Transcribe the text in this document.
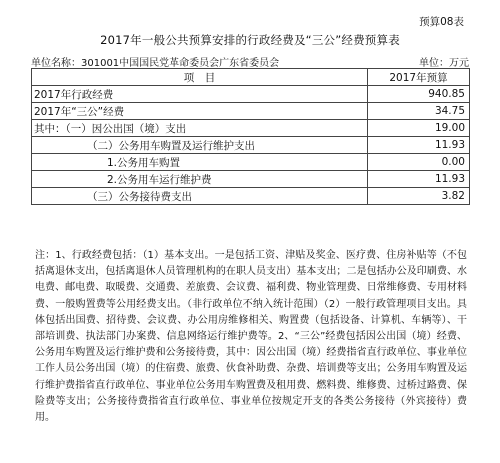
预算08表
2017年一般公共预算安排的行政经费及“三公”经费预算表
单位名称：301001中国国民党革命委员会广东省委员会	单位：万元
项　目	2017年预算
2017年行政经费	940.85
2017年“三公”经费	34.75
其中：（一）因公出国（境）支出	19.00
（二）公务用车购置及运行维护支出	11.93
1.公务用车购置	0.00
2.公务用车运行维护费	11.93
（三）公务接待费支出	3.82
注：1、行政经费包括：（1）基本支出。一是包括工资、津贴及奖金、医疗费、住房补贴等（不包括离退休支出，包括离退休人员管理机构的在职人员支出）基本支出；二是包括办公及印刷费、水电费、邮电费、取暖费、交通费、差旅费、会议费、福利费、物业管理费、日常维修费、专用材料费、一般购置费等公用经费支出。（非行政单位不纳入统计范围）（2）一般行政管理项目支出。具体包括出国费、招待费、会议费、办公用房维修相关、购置费（包括设备、计算机、车辆等）、干部培训费、执法部门办案费、信息网络运行维护费等。2、“三公”经费包括因公出国（境）经费、公务用车购置及运行维护费和公务接待费，其中：因公出国（境）经费指省直行政单位、事业单位工作人员公务出国（境）的住宿费、旅费、伙食补助费、杂费、培训费等支出；公务用车购置及运行维护费指省直行政单位、事业单位公务用车购置费及租用费、燃料费、维修费、过桥过路费、保险费等支出；公务接待费指省直行政单位、事业单位按规定开支的各类公务接待（外宾接待）费用。
